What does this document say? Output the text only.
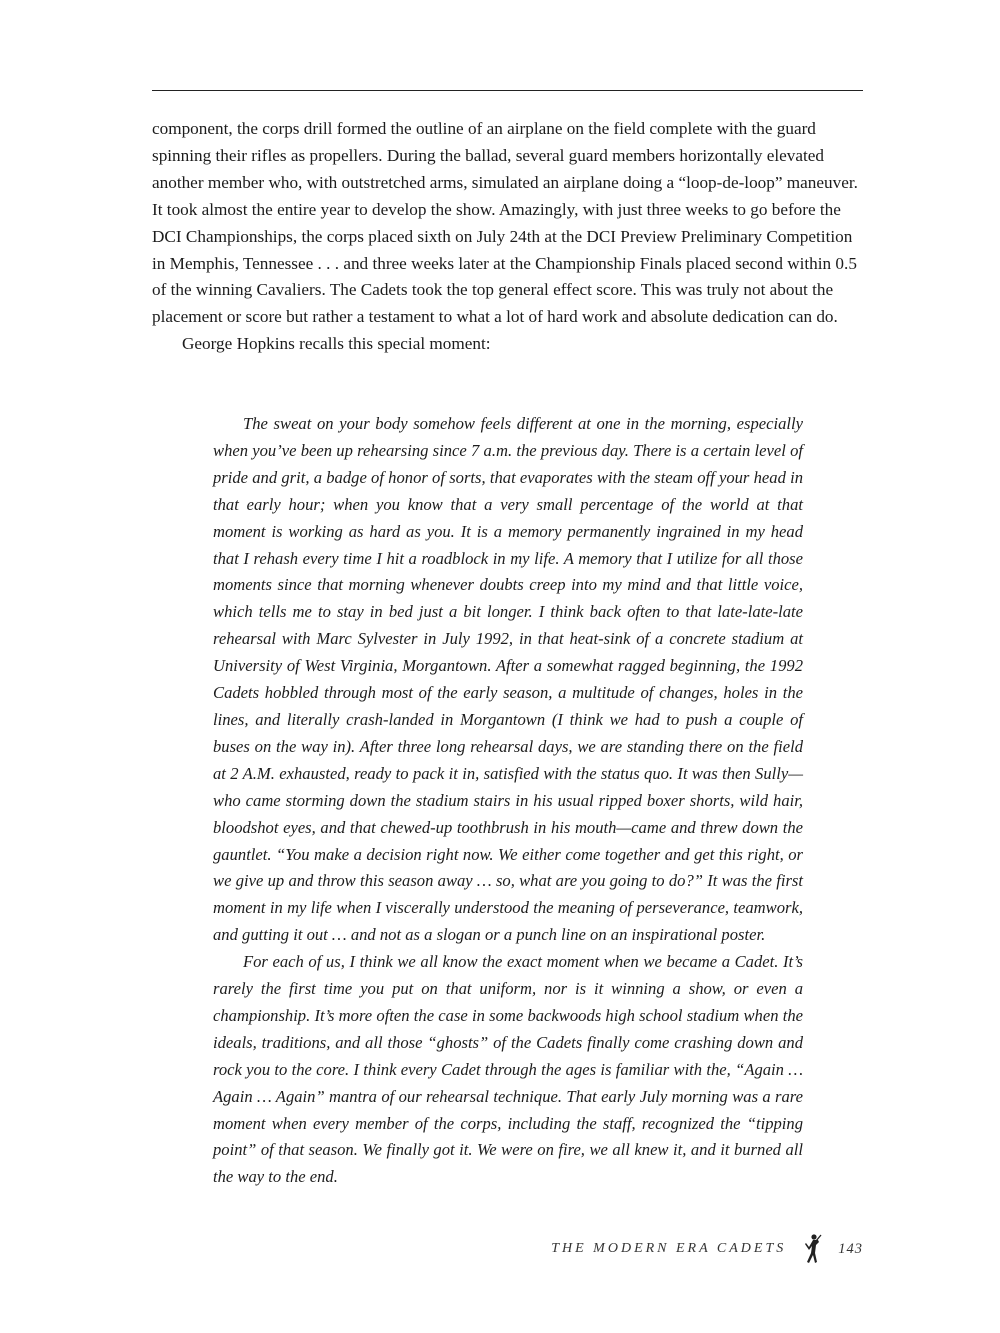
component, the corps drill formed the outline of an airplane on the field complete with the guard spinning their rifles as propellers. During the ballad, several guard members horizontally elevated another member who, with outstretched arms, simulated an airplane doing a “loop-de-loop” maneuver. It took almost the entire year to develop the show. Amazingly, with just three weeks to go before the DCI Championships, the corps placed sixth on July 24th at the DCI Preview Preliminary Competition in Memphis, Tennessee . . . and three weeks later at the Championship Finals placed second within 0.5 of the winning Cavaliers. The Cadets took the top general effect score. This was truly not about the placement or score but rather a testament to what a lot of hard work and absolute dedication can do.

George Hopkins recalls this special moment:

The sweat on your body somehow feels different at one in the morning, especially when you’ve been up rehearsing since 7 a.m. the previous day. There is a certain level of pride and grit, a badge of honor of sorts, that evaporates with the steam off your head in that early hour; when you know that a very small percentage of the world at that moment is working as hard as you. It is a memory permanently ingrained in my head that I rehash every time I hit a roadblock in my life. A memory that I utilize for all those moments since that morning whenever doubts creep into my mind and that little voice, which tells me to stay in bed just a bit longer. I think back often to that late-late-late rehearsal with Marc Sylvester in July 1992, in that heat-sink of a concrete stadium at University of West Virginia, Morgantown. After a somewhat ragged beginning, the 1992 Cadets hobbled through most of the early season, a multitude of changes, holes in the lines, and literally crash-landed in Morgantown (I think we had to push a couple of buses on the way in). After three long rehearsal days, we are standing there on the field at 2 A.M. exhausted, ready to pack it in, satisfied with the status quo. It was then Sully—who came storming down the stadium stairs in his usual ripped boxer shorts, wild hair, bloodshot eyes, and that chewed-up toothbrush in his mouth—came and threw down the gauntlet. “You make a decision right now. We either come together and get this right, or we give up and throw this season away … so, what are you going to do?” It was the first moment in my life when I viscerally understood the meaning of perseverance, teamwork, and gutting it out … and not as a slogan or a punch line on an inspirational poster.

For each of us, I think we all know the exact moment when we became a Cadet. It’s rarely the first time you put on that uniform, nor is it winning a show, or even a championship. It’s more often the case in some backwoods high school stadium when the ideals, traditions, and all those “ghosts” of the Cadets finally come crashing down and rock you to the core. I think every Cadet through the ages is familiar with the, “Again … Again … Again” mantra of our rehearsal technique. That early July morning was a rare moment when every member of the corps, including the staff, recognized the “tipping point” of that season. We finally got it. We were on fire, we all knew it, and it burned all the way to the end.

THE MODERN ERA CADETS	143
